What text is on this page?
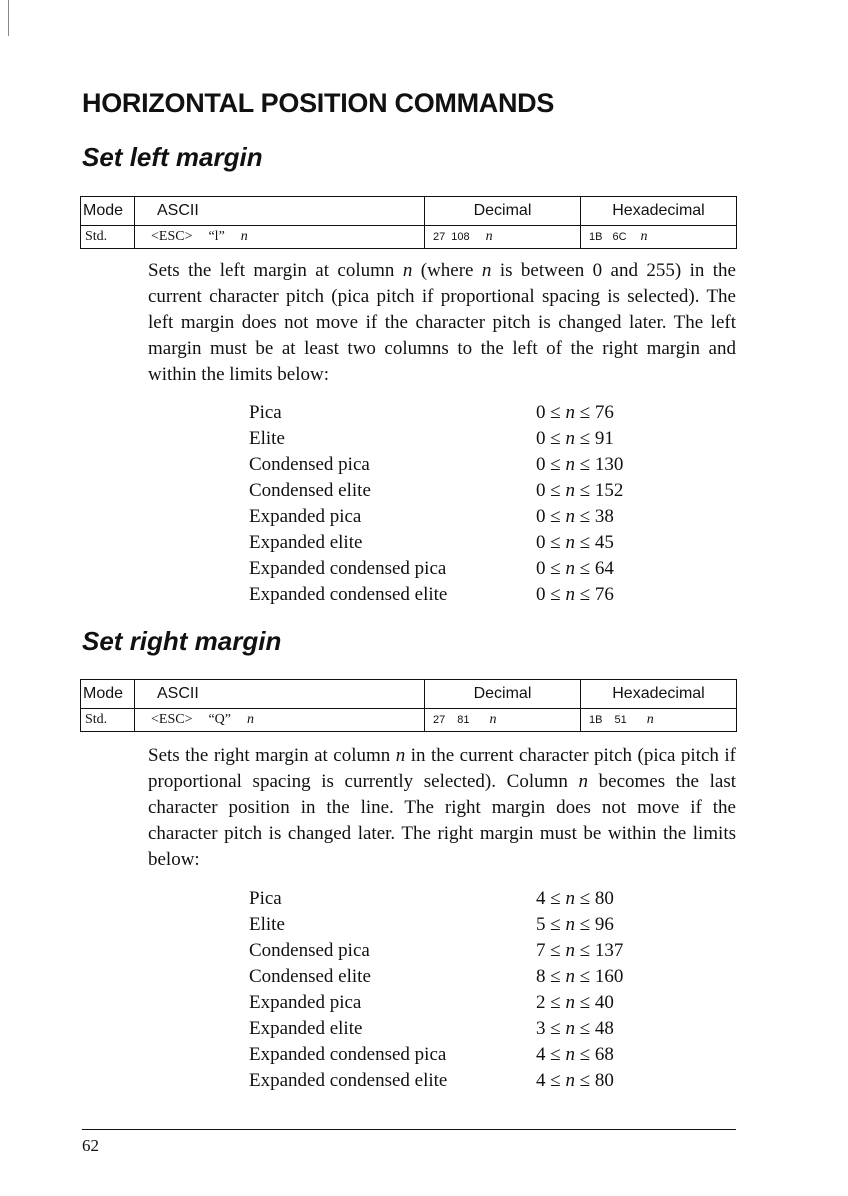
HORIZONTAL POSITION COMMANDS
Set left margin
Mode	ASCII	Decimal	Hexadecimal
Std.	<ESC> “l” n	27 108 n	1B 6C n
Sets the left margin at column n (where n is between 0 and 255) in the current character pitch (pica pitch if proportional spacing is selected). The left margin does not move if the character pitch is changed later. The left margin must be at least two columns to the left of the right margin and within the limits below:
Pica	0 ≤ n ≤ 76
Elite	0 ≤ n ≤ 91
Condensed pica	0 ≤ n ≤ 130
Condensed elite	0 ≤ n ≤ 152
Expanded pica	0 ≤ n ≤ 38
Expanded elite	0 ≤ n ≤ 45
Expanded condensed pica	0 ≤ n ≤ 64
Expanded condensed elite	0 ≤ n ≤ 76
Set right margin
Mode	ASCII	Decimal	Hexadecimal
Std.	<ESC> “Q” n	27 81 n	1B 51 n
Sets the right margin at column n in the current character pitch (pica pitch if proportional spacing is currently selected). Column n becomes the last character position in the line. The right margin does not move if the character pitch is changed later. The right margin must be within the limits below:
Pica	4 ≤ n ≤ 80
Elite	5 ≤ n ≤ 96
Condensed pica	7 ≤ n ≤ 137
Condensed elite	8 ≤ n ≤ 160
Expanded pica	2 ≤ n ≤ 40
Expanded elite	3 ≤ n ≤ 48
Expanded condensed pica	4 ≤ n ≤ 68
Expanded condensed elite	4 ≤ n ≤ 80
62
